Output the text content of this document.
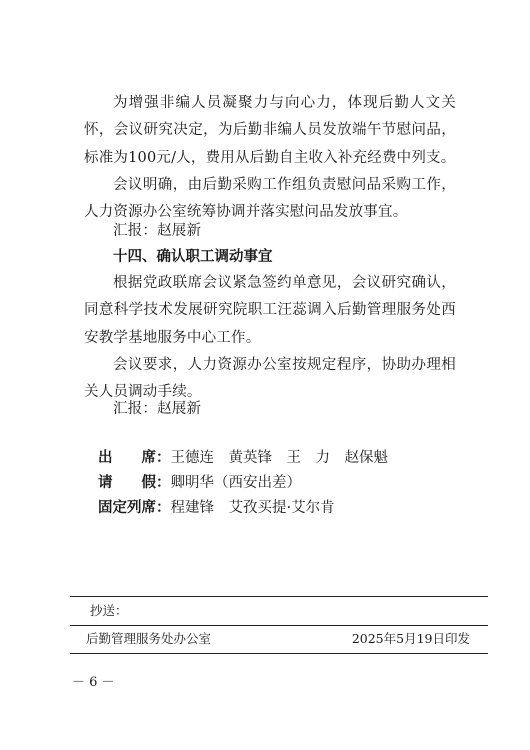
为增强非编人员凝聚力与向心力，体现后勤人文关怀，会议研究决定，为后勤非编人员发放端午节慰问品，标准为100元/人，费用从后勤自主收入补充经费中列支。
会议明确，由后勤采购工作组负责慰问品采购工作，人力资源办公室统筹协调并落实慰问品发放事宜。
汇报：赵展新
十四、确认职工调动事宜
根据党政联席会议紧急签约单意见，会议研究确认，同意科学技术发展研究院职工汪蕊调入后勤管理服务处西安教学基地服务中心工作。
会议要求，人力资源办公室按规定程序，协助办理相关人员调动手续。
汇报：赵展新
出　　席：王德连　黄英锋　王　力　赵保魁
请　　假：卿明华（西安出差）
固定列席：程建锋　艾孜买提·艾尔肯
抄送：
后勤管理服务处办公室	2025年5月19日印发
－ 6 －
